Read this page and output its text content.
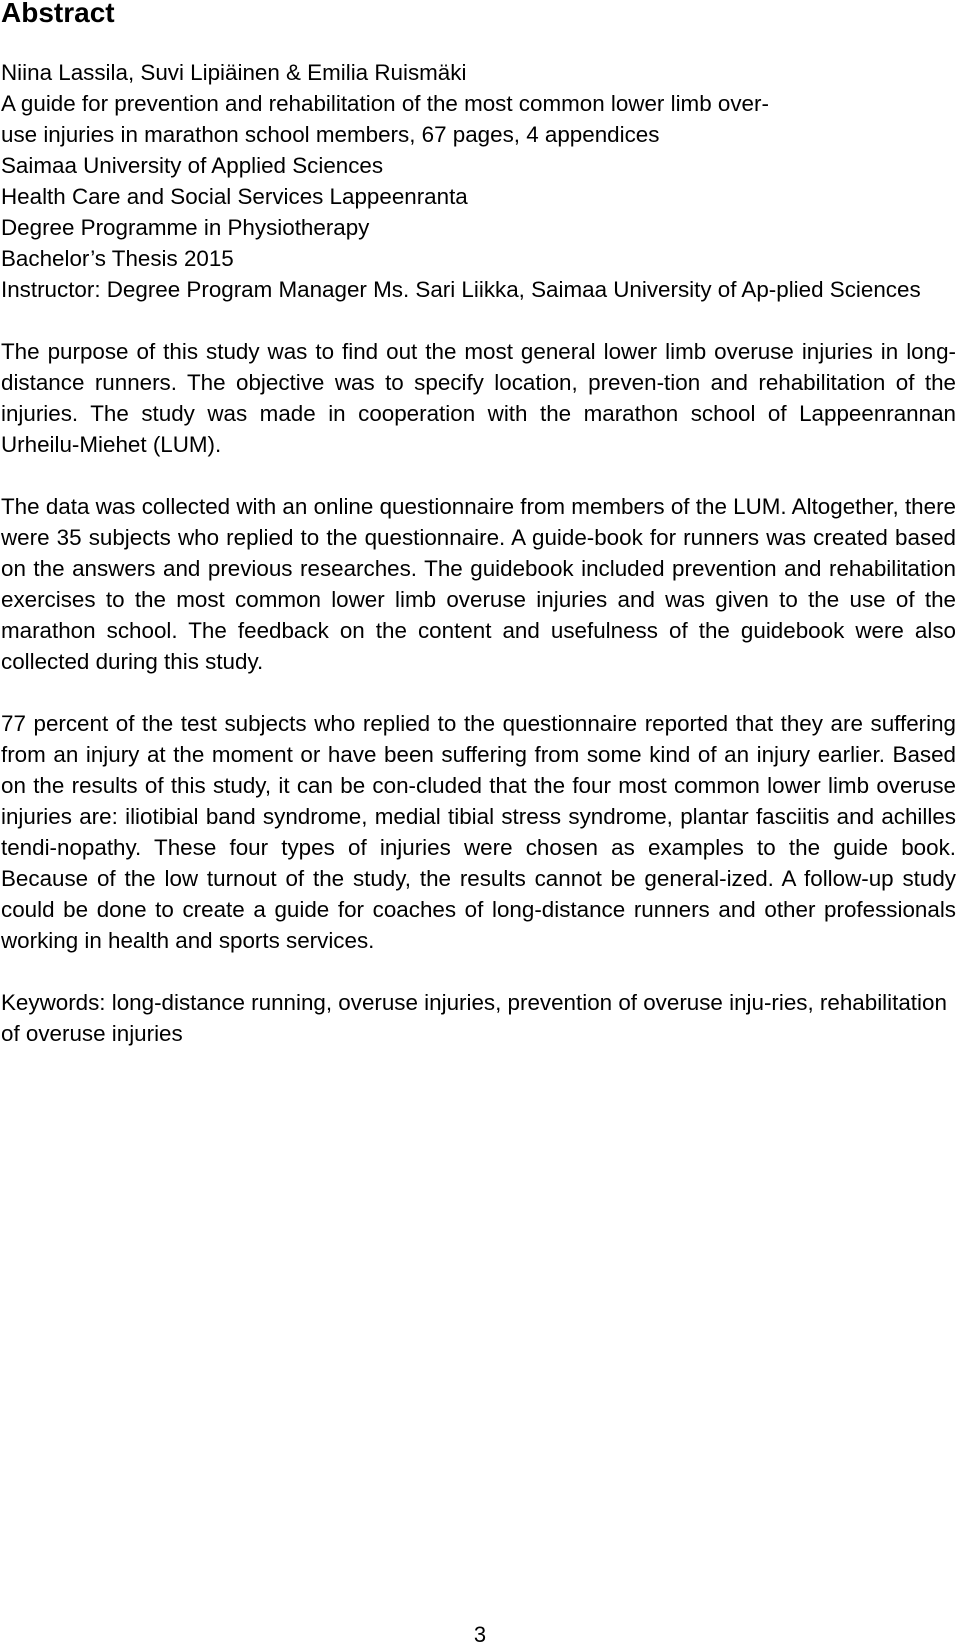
Abstract
Niina Lassila, Suvi Lipiäinen & Emilia Ruismäki
A guide for prevention and rehabilitation of the most common lower limb over-
use injuries in marathon school members, 67 pages, 4 appendices
Saimaa University of Applied Sciences
Health Care and Social Services Lappeenranta
Degree Programme in Physiotherapy
Bachelor’s Thesis 2015
Instructor: Degree Program Manager Ms. Sari Liikka, Saimaa University of Ap-plied Sciences

The purpose of this study was to find out the most general lower limb overuse injuries in long-distance runners. The objective was to specify location, preven-tion and rehabilitation of the injuries. The study was made in cooperation with the marathon school of Lappeenrannan Urheilu-Miehet (LUM).

The data was collected with an online questionnaire from members of the LUM. Altogether, there were 35 subjects who replied to the questionnaire. A guide-book for runners was created based on the answers and previous researches. The guidebook included prevention and rehabilitation exercises to the most common lower limb overuse injuries and was given to the use of the marathon school. The feedback on the content and usefulness of the guidebook were also collected during this study.

77 percent of the test subjects who replied to the questionnaire reported that they are suffering from an injury at the moment or have been suffering from some kind of an injury earlier. Based on the results of this study, it can be con-cluded that the four most common lower limb overuse injuries are: iliotibial band syndrome, medial tibial stress syndrome, plantar fasciitis and achilles tendi-nopathy. These four types of injuries were chosen as examples to the guide book. Because of the low turnout of the study, the results cannot be general-ized. A follow-up study could be done to create a guide for coaches of long-distance runners and other professionals working in health and sports services.

Keywords: long-distance running, overuse injuries, prevention of overuse inju-ries, rehabilitation of overuse injuries

3
